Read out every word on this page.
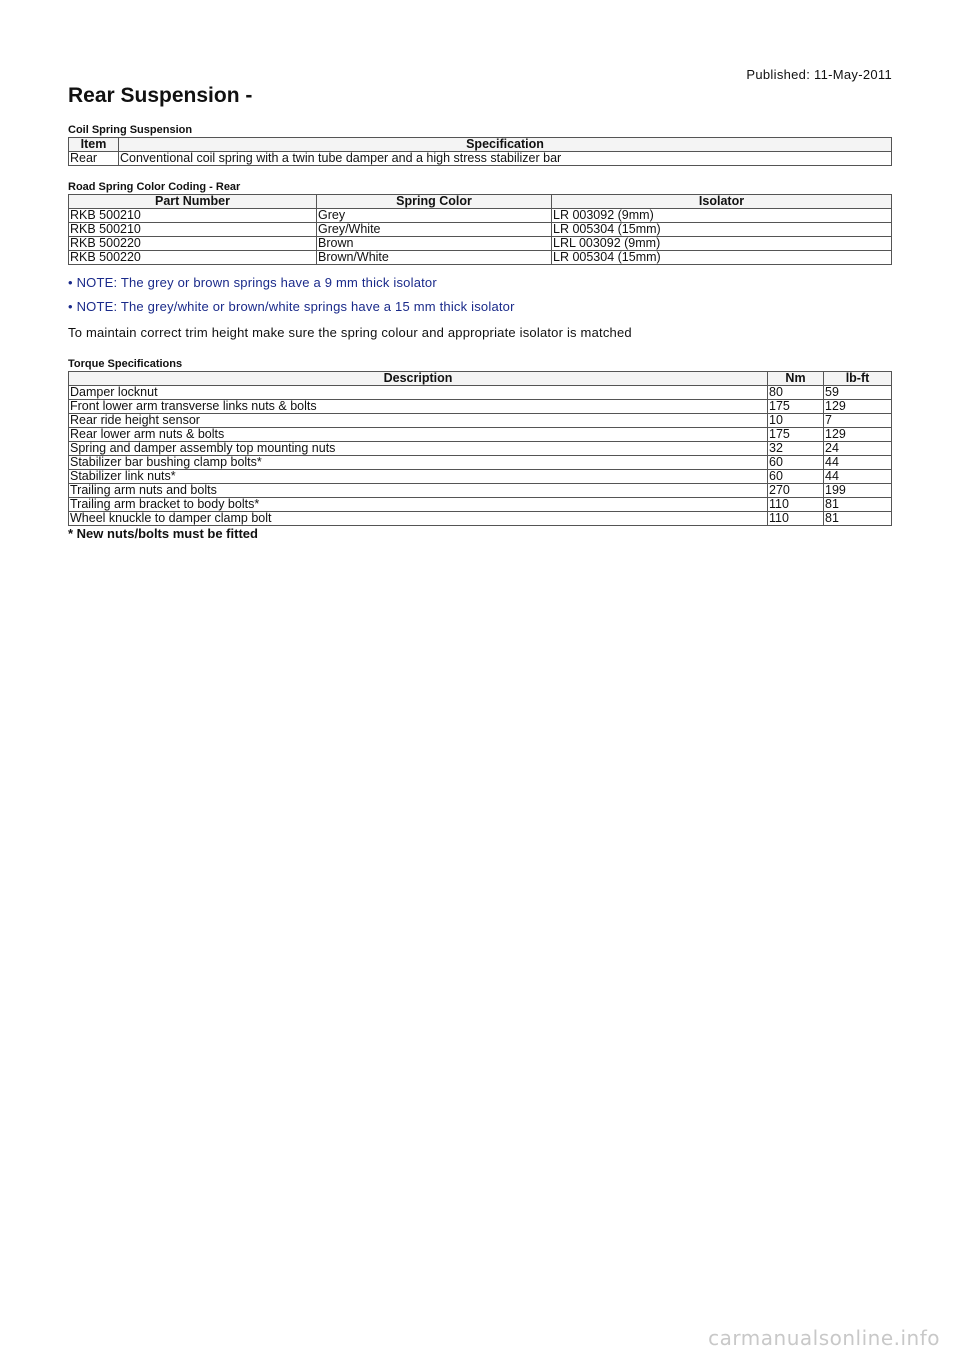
Published: 11-May-2011
Rear Suspension -

Coil Spring Suspension

Item	Specification
Rear	Conventional coil spring with a twin tube damper and a high stress stabilizer bar

Road Spring Color Coding - Rear

Part Number	Spring Color	Isolator
RKB 500210	Grey	LR 003092 (9mm)
RKB 500210	Grey/White	LR 005304 (15mm)
RKB 500220	Brown	LRL 003092 (9mm)
RKB 500220	Brown/White	LR 005304 (15mm)

• NOTE: The grey or brown springs have a 9 mm thick isolator

• NOTE: The grey/white or brown/white springs have a 15 mm thick isolator

To maintain correct trim height make sure the spring colour and appropriate isolator is matched

Torque Specifications

Description	Nm	lb-ft
Damper locknut	80	59
Front lower arm transverse links nuts & bolts	175	129
Rear ride height sensor	10	7
Rear lower arm nuts & bolts	175	129
Spring and damper assembly top mounting nuts	32	24
Stabilizer bar bushing clamp bolts*	60	44
Stabilizer link nuts*	60	44
Trailing arm nuts and bolts	270	199
Trailing arm bracket to body bolts*	110	81
Wheel knuckle to damper clamp bolt	110	81

* New nuts/bolts must be fitted

carmanualsonline.info
